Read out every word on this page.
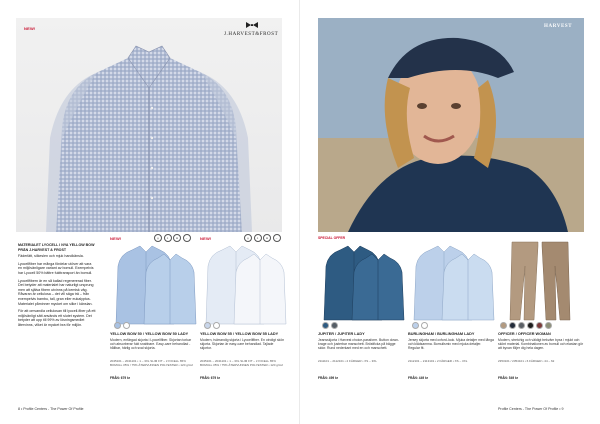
NEW!
J.HARVEST&FROST
MATERIALET LYOCELL I NYA YELLOW BOW PRÄN J.HARVEST & FROST

Fäderlätt, silkeslen och mjuk handkänsla.

Lyocellfiber har många fördelar utöver att vara en miljövänligare variant av bomull. Exempelvis har Lyocell 50% bättre fukttransport än bomull.

Lyocellfibern är en så kallad regenererad fiber. Det betyder att materialet har naturligt ursprung men att själva fibern utvinns på kemisk väg. Råvaran är cellulosa – det vill säga trä – från exempelvis bambu, tall, gran eller eukalyptus. Materialet påminner mycket om silke i känslan.

För att omvandla cellulosan till lyocell-fiber på ett miljövänligt sätt används ett slutet system. Det betyder att upp till 99% av lösningsmedlet återvinns, vilket är mycket bra för miljön.

NEW!	◎	✦	♻	↔
YELLOW BOW 50 / YELLOW BOW 50 LADY
Modern, enfärgad skjorta i Lyocellfiber. Skjortan torkar och absorberar fukt snabbare. Easy-care behandlad - hållbar, härlig och sval skjorta.
2045101 – 2041101 • 1 – 3XL SLIM FIT – LYOCELL 65% BOMULL 35% / 75% ÅTERVUNNEN POLYESTER • 120 g/m2
FRÅN: 679 kr
NEW!	◎	✦	♻	↔
YELLOW BOW 55 / YELLOW BOW 55 LADY
Modern, tvärrandig skjorta i Lyocellfiber. En otroligt skön skjorta. Skjortan är easy-care behandlad. Tajlade skjortor.
2045101 – 2041101 • 1 – 3XL SLIM FIT – LYOCELL 65% BOMULL 35% / 75% ÅTERVUNNEN POLYESTER • 120 g/m2
FRÅN: 679 kr
8 • Profile Centers - The Power Of Profile
HARVEST
SPECIAL OFFER
JUPITER / JUPITER LADY
Jeansskjorta i Harvest choice-passform. Button down-krage och justerbar manschett. Bröstficka på bägge sidor. Rund nederkant med en och manschett.
2111101 – 2112101 • 2 FÄRGER • XS – 3XL
FRÅN: 499 kr
BURLINGHAM / BURLINGHAM LADY
Jersey skjorta med oxford-look. Mjuka detaljer med långa och klädsamma. Bomullsmix med mjuka detaljer. Regular fit.
2112101 – 2113101 • 2 FÄRGER • XS – 3XL
FRÅN: 449 kr
OFFICER / OFFICER WOMAN
Modern, stretchig och väldigt bekväm byxa i mjukt och skönt material. Kombinationen av bomull och elastan gör att byxan följer dig hela dagen.
2353101 / 2354101 • 6 FÄRGER • 44 – 62
FRÅN: 549 kr
Profile Centers - The Power Of Profile • 9
